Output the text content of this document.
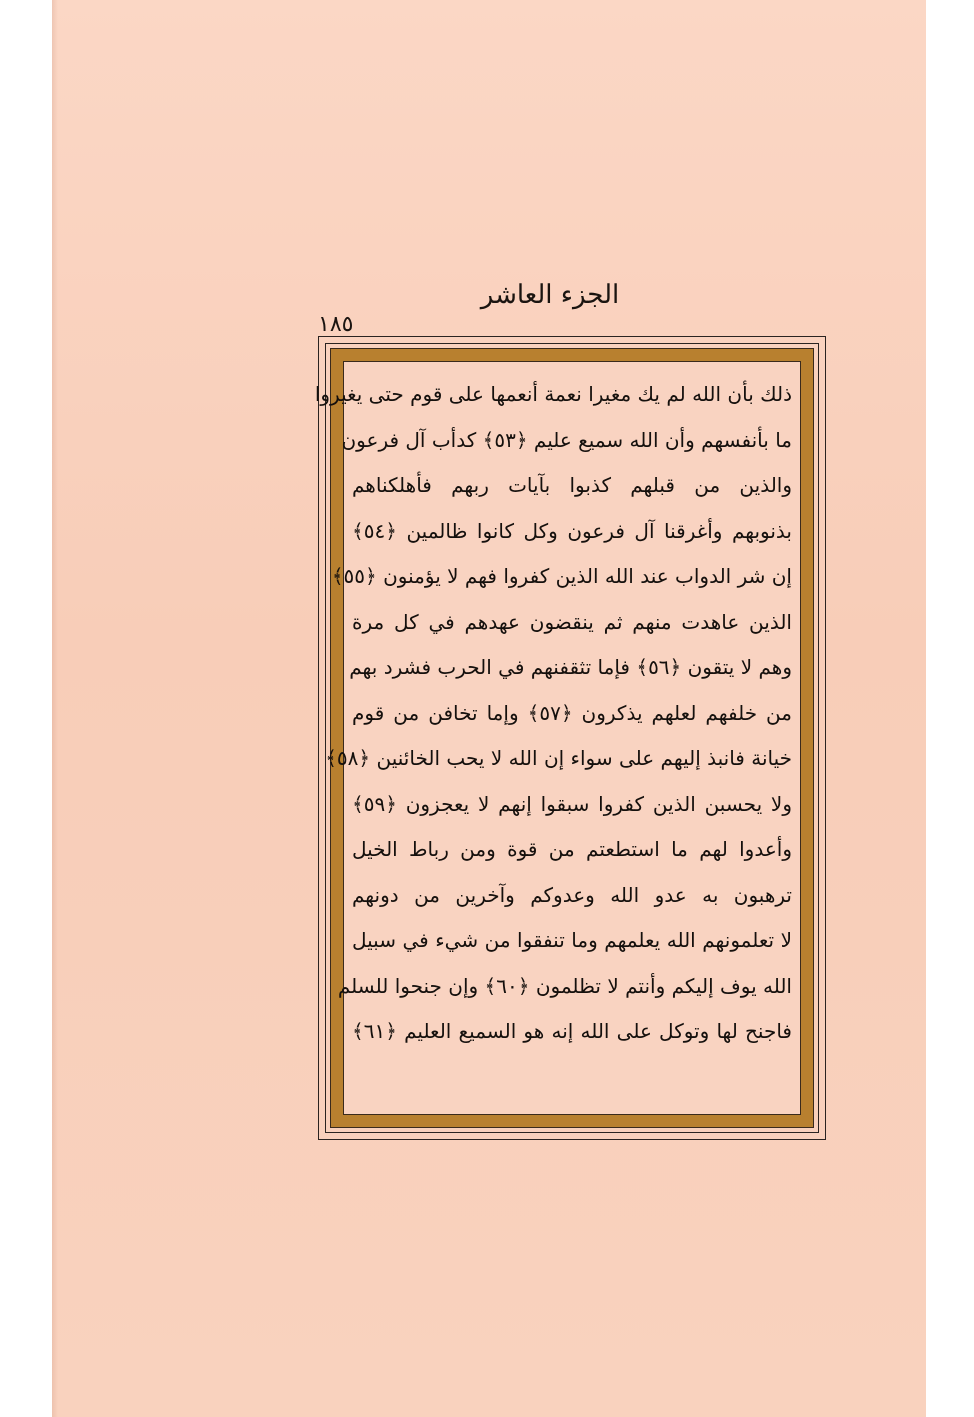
الجزء العاشر
١٨٥
ذلك بأن الله لم يك مغيرا نعمة أنعمها على قوم حتى يغيروا
ما بأنفسهم وأن الله سميع عليم ﴿٥٣﴾ كدأب آل فرعون
والذين من قبلهم كذبوا بآيات ربهم فأهلكناهم
بذنوبهم وأغرقنا آل فرعون وكل كانوا ظالمين ﴿٥٤﴾
إن شر الدواب عند الله الذين كفروا فهم لا يؤمنون ﴿٥٥﴾
الذين عاهدت منهم ثم ينقضون عهدهم في كل مرة
وهم لا يتقون ﴿٥٦﴾ فإما تثقفنهم في الحرب فشرد بهم
من خلفهم لعلهم يذكرون ﴿٥٧﴾ وإما تخافن من قوم
خيانة فانبذ إليهم على سواء إن الله لا يحب الخائنين ﴿٥٨﴾
ولا يحسبن الذين كفروا سبقوا إنهم لا يعجزون ﴿٥٩﴾
وأعدوا لهم ما استطعتم من قوة ومن رباط الخيل
ترهبون به عدو الله وعدوكم وآخرين من دونهم
لا تعلمونهم الله يعلمهم وما تنفقوا من شيء في سبيل
الله يوف إليكم وأنتم لا تظلمون ﴿٦٠﴾ وإن جنحوا للسلم
فاجنح لها وتوكل على الله إنه هو السميع العليم ﴿٦١﴾
